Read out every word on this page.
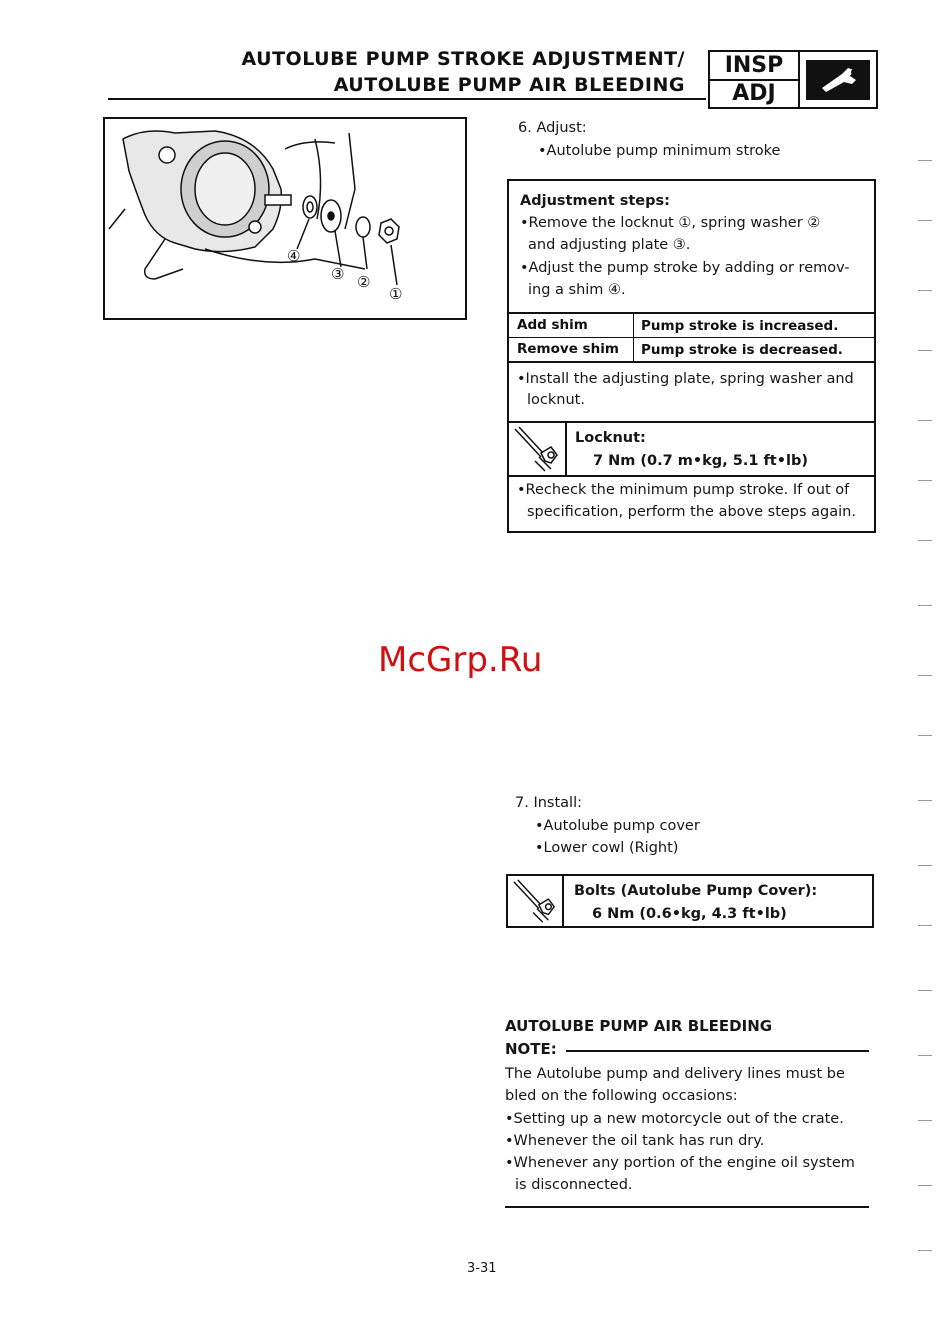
AUTOLUBE PUMP STROKE ADJUSTMENT/
AUTOLUBE PUMP AIR BLEEDING
INSP
ADJ
④
③ ②
①
6. Adjust:
•Autolube pump minimum stroke
Adjustment steps:
•Remove the locknut ①, spring washer ②
and adjusting plate ③.
•Adjust the pump stroke by adding or remov-
ing a shim ④.
Add shim	Pump stroke is increased.
Remove shim Pump stroke is decreased.
•Install the adjusting plate, spring washer and
locknut.
Locknut:
7 Nm (0.7 m•kg, 5.1 ft•lb)
•Recheck the minimum pump stroke. If out of
specification, perform the above steps again.
McGrp.Ru
7. Install:
•Autolube pump cover
•Lower cowl (Right)
Bolts (Autolube Pump Cover):
6 Nm (0.6•kg, 4.3 ft•lb)
AUTOLUBE PUMP AIR BLEEDING
NOTE:
The Autolube pump and delivery lines must be
bled on the following occasions:
•Setting up a new motorcycle out of the crate.
•Whenever the oil tank has run dry.
•Whenever any portion of the engine oil system
is disconnected.
3-31
